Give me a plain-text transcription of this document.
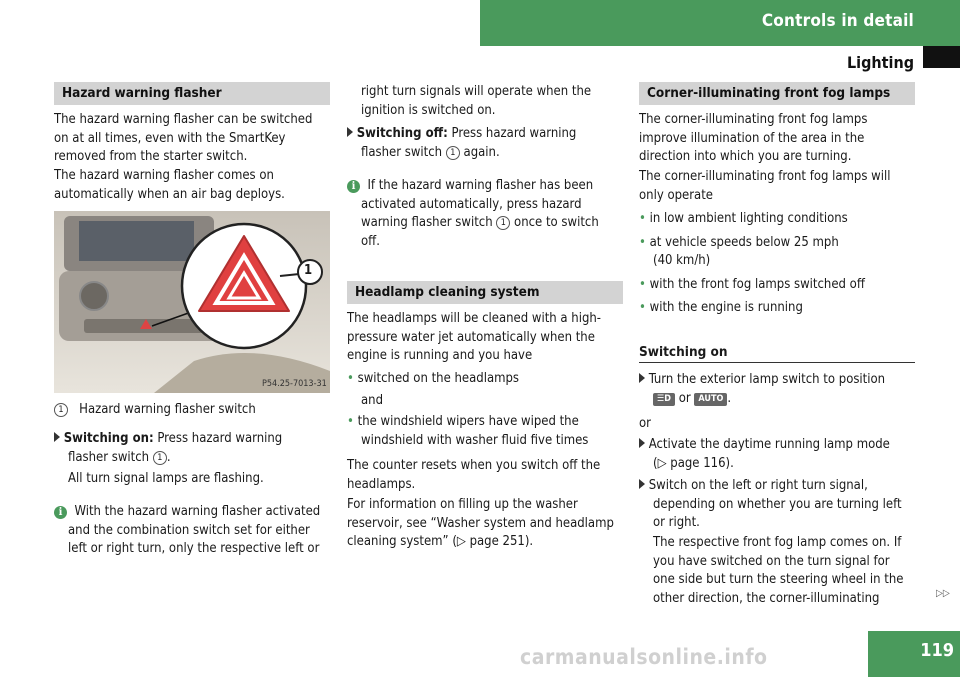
Controls in detail
Lighting
Hazard warning flasher
The hazard warning flasher can be switched
on at all times, even with the SmartKey
removed from the starter switch.
The hazard warning flasher comes on
automatically when an air bag deploys.
1
P54.25-7013-31
1 Hazard warning flasher switch
Switching on: Press hazard warning
flasher switch 1 .
All turn signal lamps are flashing.
i With the hazard warning flasher activated
and the combination switch set for either
left or right turn, only the respective left or
right turn signals will operate when the
ignition is switched on.
Switching off: Press hazard warning
flasher switch 1 again.
i If the hazard warning flasher has been
activated automatically, press hazard
warning flasher switch 1 once to switch
off.
Headlamp cleaning system
The headlamps will be cleaned with a high-
pressure water jet automatically when the
engine is running and you have
• switched on the headlamps
and
• the windshield wipers have wiped the
windshield with washer fluid five times
The counter resets when you switch off the
headlamps.
For information on filling up the washer
reservoir, see “Washer system and headlamp
cleaning system” (▷ page 251).
Corner-illuminating front fog lamps
The corner-illuminating front fog lamps
improve illumination of the area in the
direction into which you are turning.
The corner-illuminating front fog lamps will
only operate
• in low ambient lighting conditions
• at vehicle speeds below 25 mph
(40 km/h)
• with the front fog lamps switched off
• with the engine is running
Switching on
Turn the exterior lamp switch to position
☰D or AUTO .
or
Activate the daytime running lamp mode
(▷ page 116).
Switch on the left or right turn signal,
depending on whether you are turning left
or right.
The respective front fog lamp comes on. If
you have switched on the turn signal for
one side but turn the steering wheel in the
other direction, the corner-illuminating	▷▷
119
carmanualsonline.info
